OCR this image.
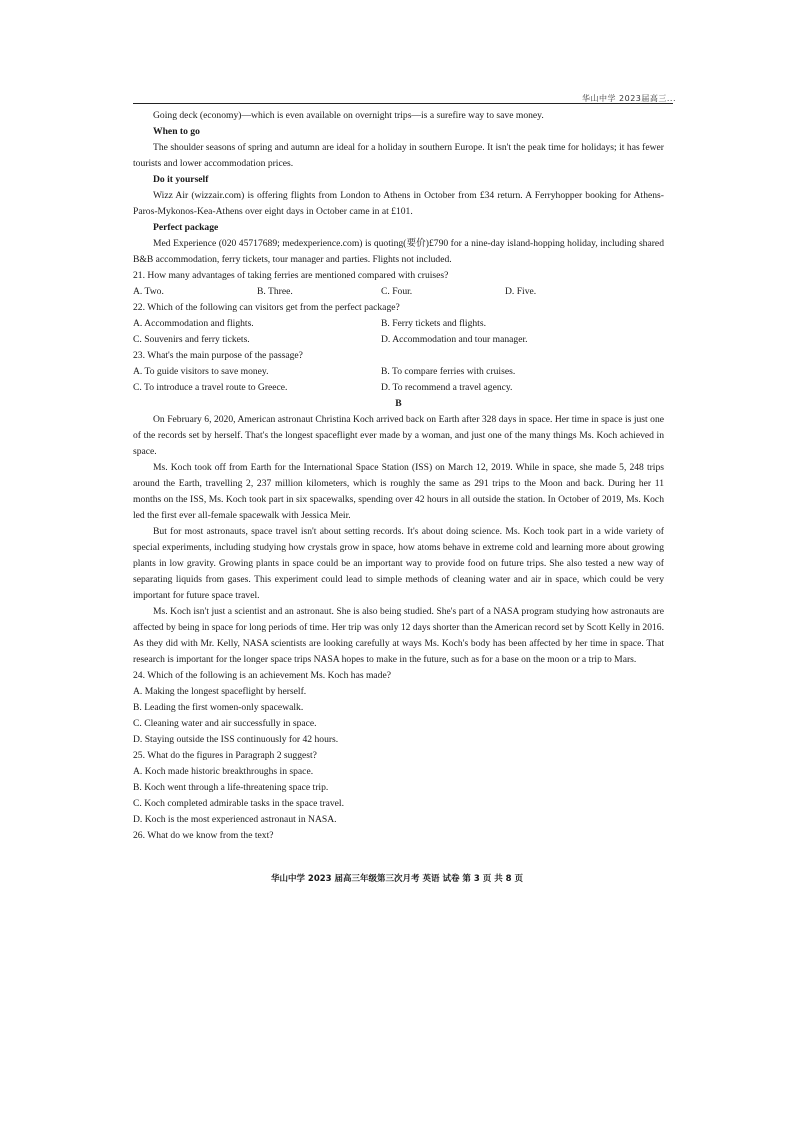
华山中学 2023届高三...

Going deck (economy)—which is even available on overnight trips—is a surefire way to save money.

When to go

The shoulder seasons of spring and autumn are ideal for a holiday in southern Europe. It isn't the peak time for holidays; it has fewer tourists and lower accommodation prices.

Do it yourself

Wizz Air (wizzair.com) is offering flights from London to Athens in October from £34 return. A Ferryhopper booking for Athens-Paros-Mykonos-Kea-Athens over eight days in October came in at £101.

Perfect package

Med Experience (020 45717689; medexperience.com) is quoting(要价)£790 for a nine-day island-hopping holiday, including shared B&B accommodation, ferry tickets, tour manager and parties. Flights not included.

21. How many advantages of taking ferries are mentioned compared with cruises?

A. Two.	B. Three.	C. Four.	D. Five.

22. Which of the following can visitors get from the perfect package?

A. Accommodation and flights.	B. Ferry tickets and flights.
C. Souvenirs and ferry tickets.	D. Accommodation and tour manager.

23. What's the main purpose of the passage?

A. To guide visitors to save money.	B. To compare ferries with cruises.
C. To introduce a travel route to Greece.	D. To recommend a travel agency.

B

On February 6, 2020, American astronaut Christina Koch arrived back on Earth after 328 days in space. Her time in space is just one of the records set by herself. That's the longest spaceflight ever made by a woman, and just one of the many things Ms. Koch achieved in space.

Ms. Koch took off from Earth for the International Space Station (ISS) on March 12, 2019. While in space, she made 5, 248 trips around the Earth, travelling 2, 237 million kilometers, which is roughly the same as 291 trips to the Moon and back. During her 11 months on the ISS, Ms. Koch took part in six spacewalks, spending over 42 hours in all outside the station. In October of 2019, Ms. Koch led the first ever all-female spacewalk with Jessica Meir.

But for most astronauts, space travel isn't about setting records. It's about doing science. Ms. Koch took part in a wide variety of special experiments, including studying how crystals grow in space, how atoms behave in extreme cold and learning more about growing plants in low gravity. Growing plants in space could be an important way to provide food on future trips. She also tested a new way of separating liquids from gases. This experiment could lead to simple methods of cleaning water and air in space, which could be very important for future space travel.

Ms. Koch isn't just a scientist and an astronaut. She is also being studied. She's part of a NASA program studying how astronauts are affected by being in space for long periods of time. Her trip was only 12 days shorter than the American record set by Scott Kelly in 2016. As they did with Mr. Kelly, NASA scientists are looking carefully at ways Ms. Koch's body has been affected by her time in space. That research is important for the longer space trips NASA hopes to make in the future, such as for a base on the moon or a trip to Mars.

24. Which of the following is an achievement Ms. Koch has made?

A. Making the longest spaceflight by herself.

B. Leading the first women-only spacewalk.

C. Cleaning water and air successfully in space.

D. Staying outside the ISS continuously for 42 hours.

25. What do the figures in Paragraph 2 suggest?

A. Koch made historic breakthroughs in space.

B. Koch went through a life-threatening space trip.

C. Koch completed admirable tasks in the space travel.

D. Koch is the most experienced astronaut in NASA.

26. What do we know from the text?

华山中学 2023 届高三年级第三次月考 英语 试卷 第 3 页 共 8 页
